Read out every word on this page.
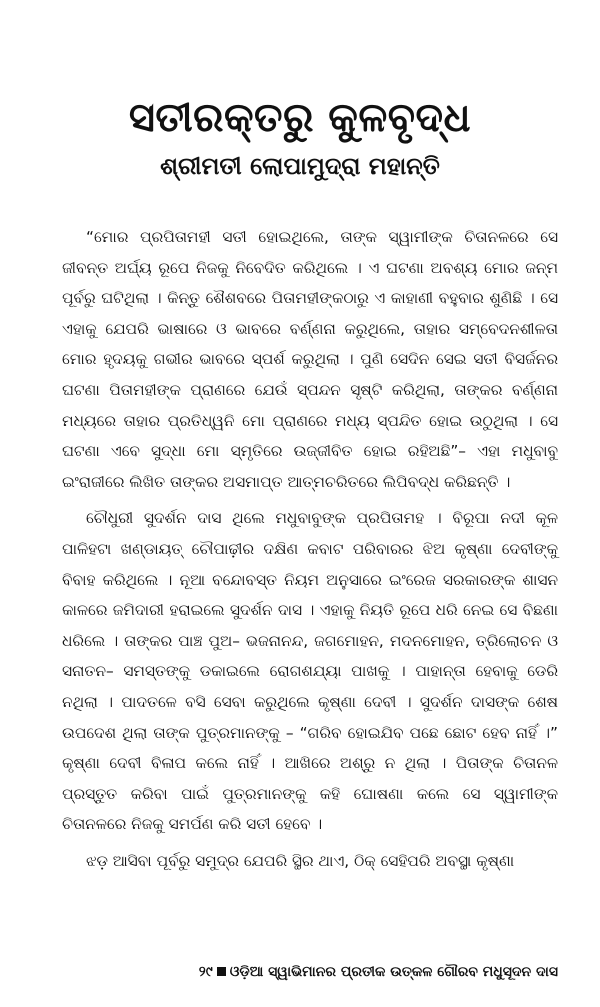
ସତୀରକ୍ତରୁ କୁଳବୃଦ୍ଧ
ଶ୍ରୀମତୀ ଲୋପାମୁଦ୍ରା ମହାନ୍ତି

“ମୋର ପ୍ରପିତାମହୀ ସତୀ ହୋଇଥିଲେ, ତାଙ୍କ ସ୍ୱାମୀଙ୍କ ଚିତାନଳରେ ସେ ଜୀବନ୍ତ ଅର୍ଘ୍ୟ ରୂପେ ନିଜକୁ ନିବେଦିତ କରିଥିଲେ । ଏ ଘଟଣା ଅବଶ୍ୟ ମୋର ଜନ୍ମ ପୂର୍ବରୁ ଘଟିଥିଲା । କିନ୍ତୁ ଶୈଶବରେ ପିତାମହୀଙ୍କଠାରୁ ଏ କାହାଣୀ ବହୁବାର ଶୁଣିଛି । ସେ ଏହାକୁ ଯେପରି ଭାଷାରେ ଓ ଭାବରେ ବର୍ଣ୍ଣନା କରୁଥିଲେ, ତାହାର ସମ୍ବେଦନଶୀଳତା ମୋର ହୃଦୟକୁ ଗଭୀର ଭାବରେ ସ୍ପର୍ଶ କରୁଥିଲା । ପୁଣି ସେଦିନ ସେଇ ସତୀ ବିସର୍ଜନର ଘଟଣା ପିତାମହୀଙ୍କ ପ୍ରାଣରେ ଯେଉଁ ସ୍ପନ୍ଦନ ସୃଷ୍ଟି କରିଥିଲା, ତାଙ୍କର ବର୍ଣ୍ଣନା ମଧ୍ୟରେ ତାହାର ପ୍ରତିଧ୍ୱନି ମୋ ପ୍ରାଣରେ ମଧ୍ୟ ସ୍ପନ୍ଦିତ ହୋଇ ଉଠୁଥିଲା । ସେ ଘଟଣା ଏବେ ସୁଦ୍ଧା ମୋ ସ୍ମୃତିରେ ଉଜ୍ଜୀବିତ ହୋଇ ରହିଅଛି”– ଏହା ମଧୁବାବୁ ଇଂରାଜୀରେ ଲିଖିତ ତାଙ୍କର ଅସମାପ୍ତ ଆତ୍ମଚରିତରେ ଲିପିବଦ୍ଧ କରିଛନ୍ତି ।

ଚୌଧୁରୀ ସୁଦର୍ଶନ ଦାସ ଥିଲେ ମଧୁବାବୁଙ୍କ ପ୍ରପିତାମହ । ବିରୂପା ନଦୀ କୂଳ ପାଳିହଟା ଖଣ୍ଡାୟତ୍ ଚୌପାଢ଼ୀର ଦକ୍ଷିଣ କବାଟ ପରିବାରର ଝିଅ କୃଷ୍ଣା ଦେବୀଙ୍କୁ ବିବାହ କରିଥିଲେ । ନୂଆ ବନ୍ଦୋବସ୍ତ ନିୟମ ଅନୁସାରେ ଇଂରେଜ ସରକାରଙ୍କ ଶାସନ କାଳରେ ଜମିଦାରୀ ହରାଇଲେ ସୁଦର୍ଶନ ଦାସ । ଏହାକୁ ନିୟତି ରୂପେ ଧରି ନେଇ ସେ ବିଛଣା ଧରିଲେ । ତାଙ୍କର ପାଞ୍ଚ ପୁଅ– ଭଜନାନନ୍ଦ, ଜଗମୋହନ, ମଦନମୋହନ, ତ୍ରିଲୋଚନ ଓ ସନାତନ– ସମସ୍ତଙ୍କୁ ଡକାଇଲେ ରୋଗଶଯ୍ୟା ପାଖକୁ । ପାହାନ୍ତା ହେବାକୁ ଡେରି ନଥିଲା । ପାଦତଳେ ବସି ସେବା କରୁଥିଲେ କୃଷ୍ଣା ଦେବୀ । ସୁଦର୍ଶନ ଦାସଙ୍କ ଶେଷ ଉପଦେଶ ଥିଲା ତାଙ୍କ ପୁତ୍ରମାନଙ୍କୁ – “ଗରିବ ହୋଇଯିବ ପଛେ ଛୋଟ ହେବ ନାହିଁ ।” କୃଷ୍ଣା ଦେବୀ ବିଳାପ କଲେ ନାହିଁ । ଆଖିରେ ଅଶ୍ରୁ ନ ଥିଲା । ପିତାଙ୍କ ଚିତାନଳ ପ୍ରସ୍ତୁତ କରିବା ପାଇଁ ପୁତ୍ରମାନଙ୍କୁ କହି ଘୋଷଣା କଲେ ସେ ସ୍ୱାମୀଙ୍କ ଚିତାନଳରେ ନିଜକୁ ସମର୍ପଣ କରି ସତୀ ହେବେ ।

ଝଡ଼ ଆସିବା ପୂର୍ବରୁ ସମୁଦ୍ର ଯେପରି ସ୍ଥିର ଥାଏ, ଠିକ୍ ସେହିପରି ଅବସ୍ଥା କୃଷ୍ଣା

୨୯ ଓଡ଼ିଆ ସ୍ୱାଭିମାନର ପ୍ରତୀକ ଉତ୍କଳ ଗୌରବ ମଧୁସୂଦନ ଦାସ
